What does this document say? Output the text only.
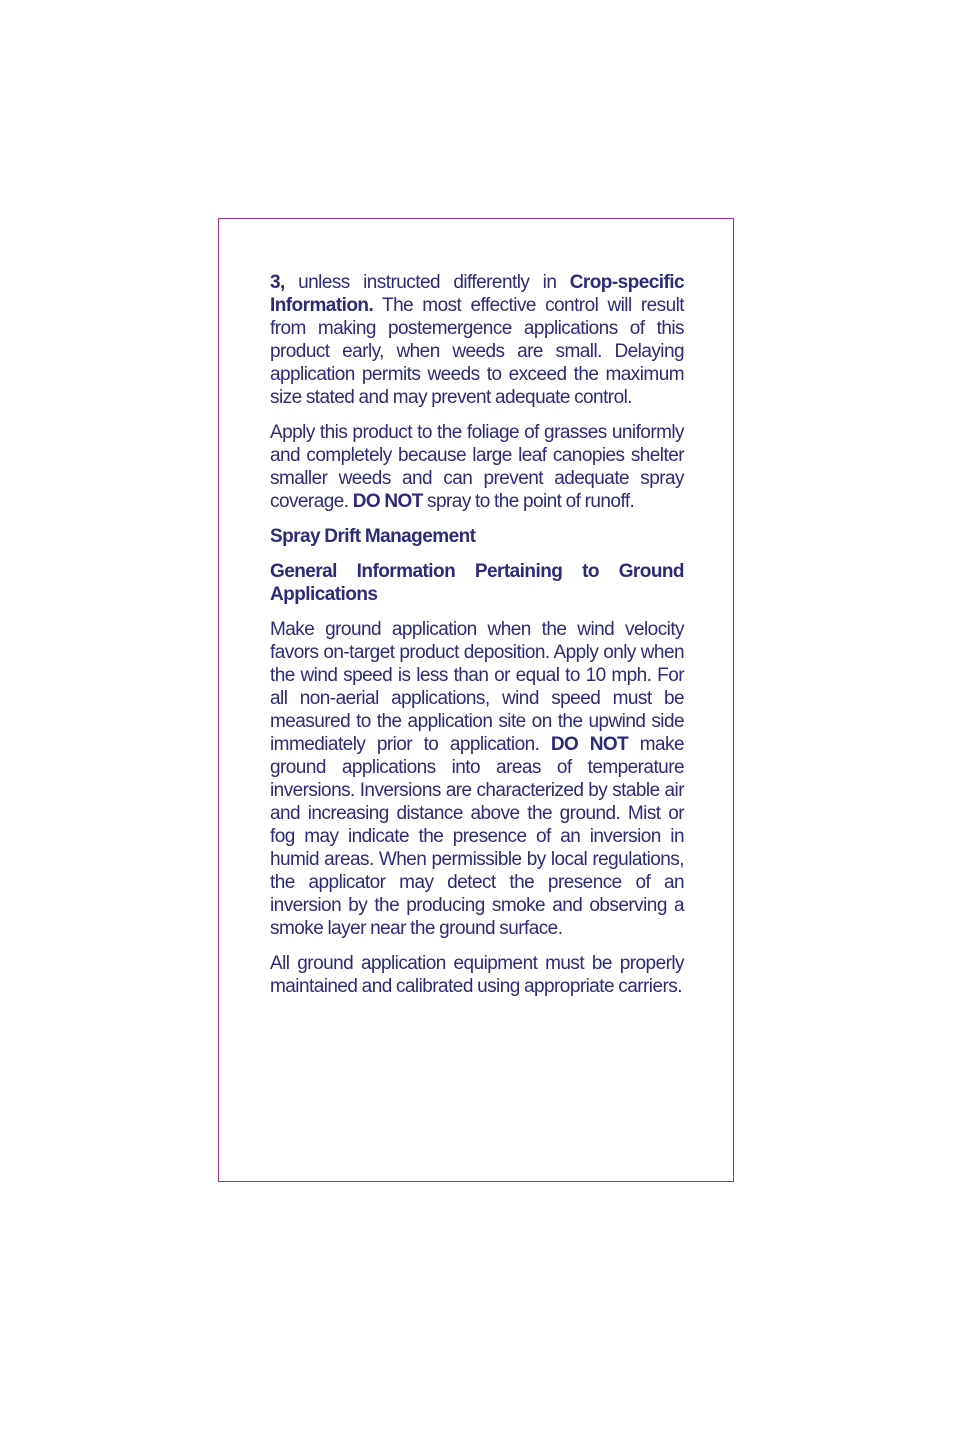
3, unless instructed differently in Crop-specific Information. The most effective control will result from making postemergence applications of this product early, when weeds are small. Delaying application permits weeds to exceed the maximum size stated and may prevent adequate control.

Apply this product to the foliage of grasses uniformly and completely because large leaf canopies shelter smaller weeds and can prevent adequate spray coverage. DO NOT spray to the point of runoff.

Spray Drift Management

General Information Pertaining to Ground Applications

Make ground application when the wind velocity favors on-target product deposition. Apply only when the wind speed is less than or equal to 10 mph. For all non-aerial applications, wind speed must be measured to the application site on the upwind side immediately prior to application. DO NOT make ground applications into areas of temperature inversions. Inversions are characterized by stable air and increasing distance above the ground. Mist or fog may indicate the presence of an inversion in humid areas. When permissible by local regulations, the applicator may detect the presence of an inversion by the producing smoke and observing a smoke layer near the ground surface.

All ground application equipment must be properly maintained and calibrated using appropriate carriers.
